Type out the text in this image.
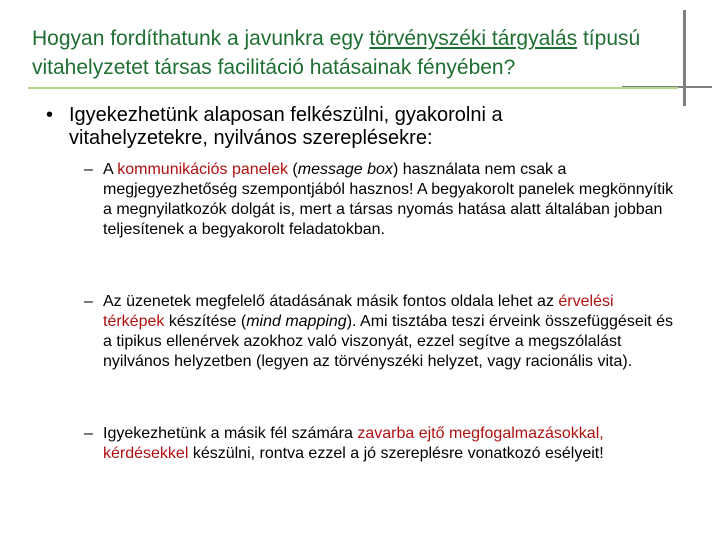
Hogyan fordíthatunk a javunkra egy törvényszéki tárgyalás típusú vitahelyzetet társas facilitáció hatásainak fényében?
• Igyekezhetünk alaposan felkészülni, gyakorolni a vitahelyzetekre, nyilvános szereplésekre:
– A kommunikációs panelek (message box) használata nem csak a megjegyezhetőség szempontjából hasznos! A begyakorolt panelek megkönnyítik a megnyilatkozók dolgát is, mert a társas nyomás hatása alatt általában jobban teljesítenek a begyakorolt feladatokban.
– Az üzenetek megfelelő átadásának másik fontos oldala lehet az érvelési térképek készítése (mind mapping). Ami tisztába teszi érveink összefüggéseit és a tipikus ellenérvek azokhoz való viszonyát, ezzel segítve a megszólalást nyilvános helyzetben (legyen az törvényszéki helyzet, vagy racionális vita).
– Igyekezhetünk a másik fél számára zavarba ejtő megfogalmazásokkal, kérdésekkel készülni, rontva ezzel a jó szereplésre vonatkozó esélyeit!
